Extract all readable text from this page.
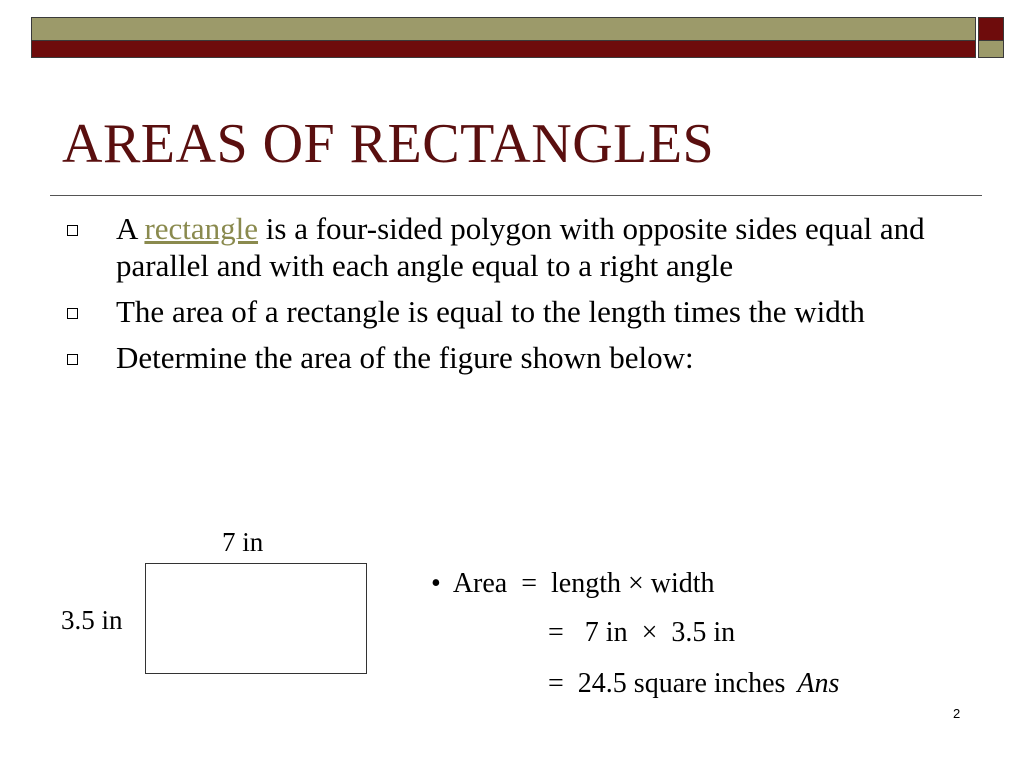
AREAS OF RECTANGLES
A rectangle is a four-sided polygon with opposite sides equal and parallel and with each angle equal to a right angle
The area of a rectangle is equal to the length times the width
Determine the area of the figure shown below:
7 in
3.5 in
• Area  =  length × width
=   7 in  ×  3.5 in
=  24.5 square inches Ans
2
